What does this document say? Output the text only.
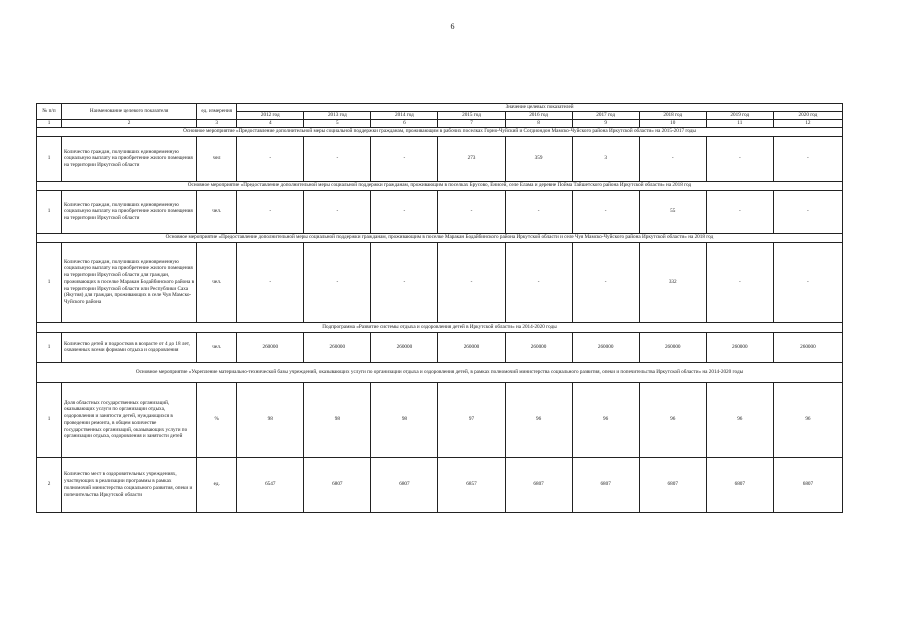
6
№ п/п	Наименование целевого показателя	ед. измерения	Значение целевых показателей								
			2012 год	2013 год	2014 год	2015 год	2016 год	2017 год	2018 год	2019 год	2020 год
1	2	3	4	5	6	7	8	9	10	11	12
Основное мероприятие «Предоставление дополнительной меры социальной поддержки гражданам, проживающим в рабочих поселках Горно-Чуйский и Согдиондон Мамско-Чуйского района Иркутской области» на 2015-2017 годы											
1	Количество граждан, получивших единовременную социальную выплату на приобретение жилого помещения на территории Иркутской области	чел	-	-	-	273	359	3	-	-	-
Основное мероприятие «Предоставление дополнительной меры социальной поддержки гражданам, проживающим в поселках Брусово, Енисей, селе Елама и деревне Пойма Тайшетского района Иркутской области» на 2018 год											
1	Количество граждан, получивших единовременную социальную выплату на приобретение жилого помещения на территории Иркутской области	чел.	-	-	-	-	-	-	55	-	-
Основное мероприятие «Предоставление дополнительной меры социальной поддержки гражданам, проживающим в поселке Маракан Бодайбинского района Иркутской области и селе Чуя Мамско-Чуйского района Иркутской области» на 2018 год											
1	Количество граждан, получивших единовременную социальную выплату на приобретение жилого помещения на территории Иркутской области для граждан, проживающих в поселке Маракан Бодайбинского района в на территории Иркутской области или Республики Саха (Якутия) для граждан, проживающих в селе Чуя Мамско-Чуйского района	чел.	-	-	-	-	-	-	332	-	-
Подпрограмма «Развитие системы отдыха и оздоровления детей в Иркутской области» на 2014-2020 годы											
1	Количество детей и подростков в возрасте от 4 до 18 лет, охваченных всеми формами отдыха и оздоровления	чел.	260000	260000	260000	260000	260000	260000	260000	260000	260000
Основное мероприятие «Укрепление материально-технической базы учреждений, оказывающих услуги по организации отдыха и оздоровления детей, в рамках полномочий министерства социального развития, опеки и попечительства Иркутской области» на 2014-2020 годы											
1	Доля областных государственных организаций, оказывающих услуги по организации отдыха, оздоровления и занятости детей, нуждающихся в проведении ремонта, в общем количестве государственных организаций, оказывающих услуги по организации отдыха, оздоровления и занятости детей	%	98	98	98	97	96	96	96	96	96
2	Количество мест в оздоровительных учреждениях, участвующих в реализации программы в рамках полномочий министерства социального развития, опеки и попечительства Иркутской области	ед.	6547	6807	6807	6857	6807	6807	6807	6807	6807
